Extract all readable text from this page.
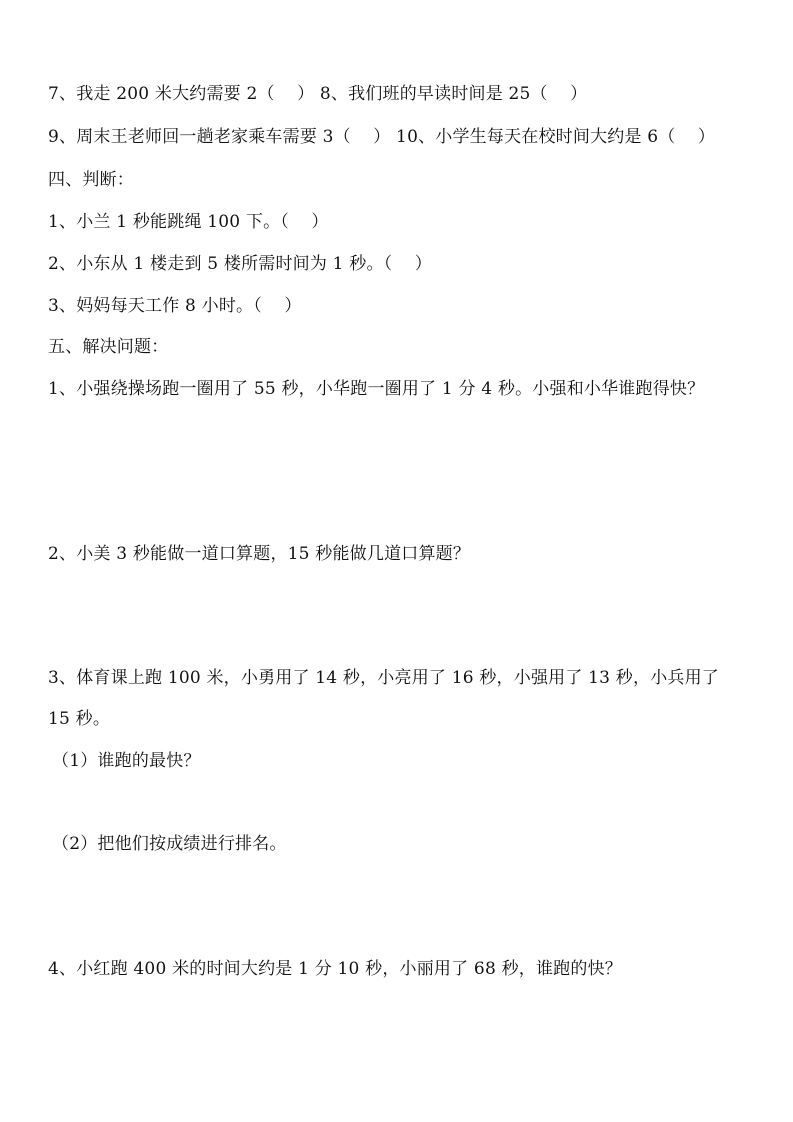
7、我走 200 米大约需要 2（    ） 8、我们班的早读时间是 25（    ）
9、周末王老师回一趟老家乘车需要 3（    ） 10、小学生每天在校时间大约是 6（    ）
四、判断：
1、小兰 1 秒能跳绳 100 下。（    ）
2、小东从 1 楼走到 5 楼所需时间为 1 秒。（    ）
3、妈妈每天工作 8 小时。（    ）
五、解决问题：
1、小强绕操场跑一圈用了 55 秒，小华跑一圈用了 1 分 4 秒。小强和小华谁跑得快？
2、小美 3 秒能做一道口算题，15 秒能做几道口算题？
3、体育课上跑 100 米，小勇用了 14 秒，小亮用了 16 秒，小强用了 13 秒，小兵用了
15 秒。
（1）谁跑的最快？
（2）把他们按成绩进行排名。
4、小红跑 400 米的时间大约是 1 分 10 秒，小丽用了 68 秒，谁跑的快？
